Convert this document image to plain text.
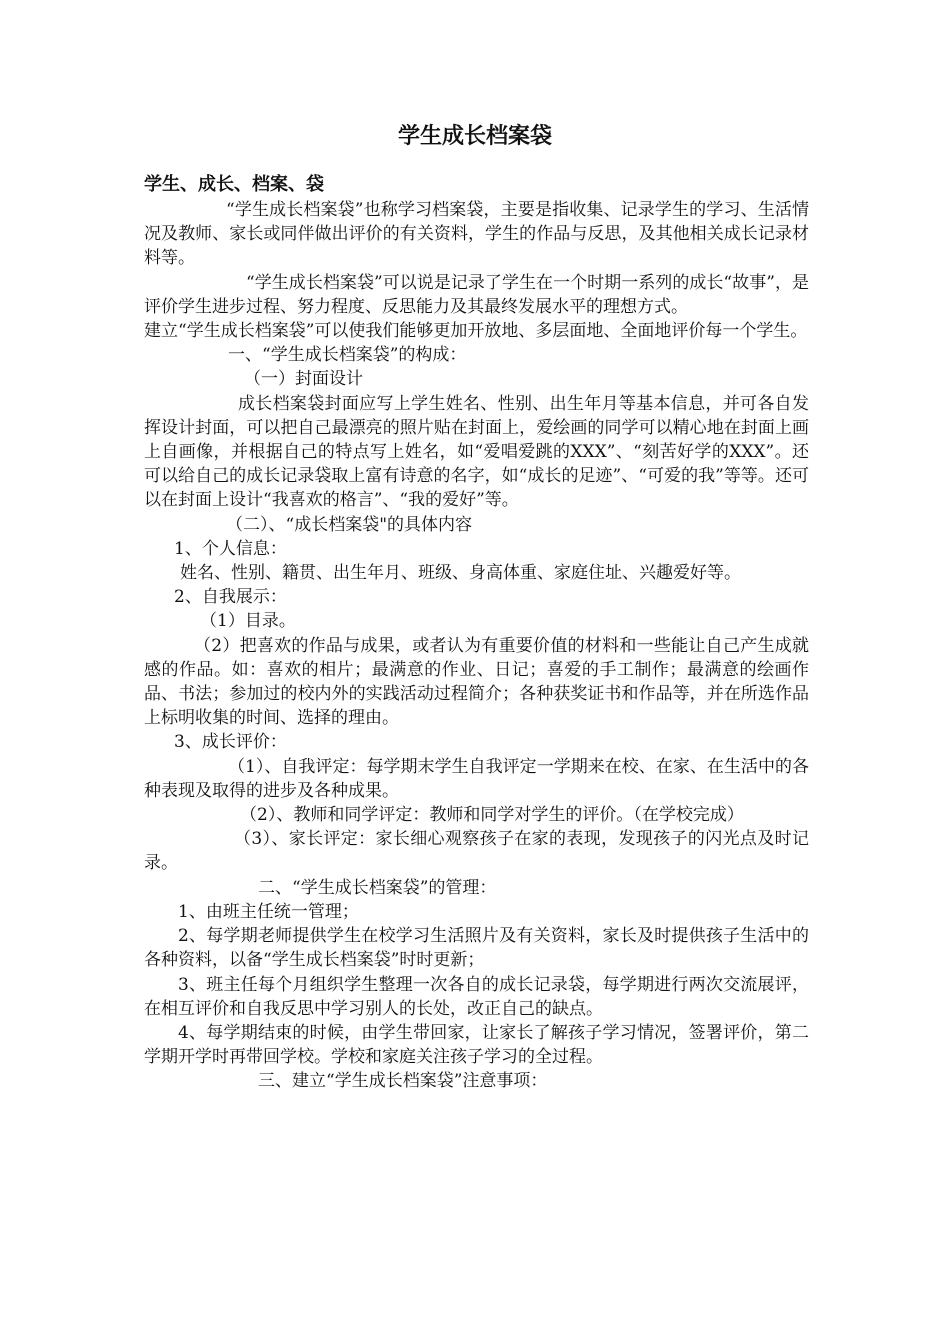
学生成长档案袋

学生、成长、档案、袋

“学生成长档案袋”也称学习档案袋，主要是指收集、记录学生的学习、生活情况及教师、家长或同伴做出评价的有关资料，学生的作品与反思，及其他相关成长记录材料等。

“学生成长档案袋”可以说是记录了学生在一个时期一系列的成长“故事”，是评价学生进步过程、努力程度、反思能力及其最终发展水平的理想方式。

建立“学生成长档案袋”可以使我们能够更加开放地、多层面地、全面地评价每一个学生。

一、“学生成长档案袋”的构成：

（一）封面设计

成长档案袋封面应写上学生姓名、性别、出生年月等基本信息，并可各自发挥设计封面，可以把自己最漂亮的照片贴在封面上，爱绘画的同学可以精心地在封面上画上自画像，并根据自己的特点写上姓名，如“爱唱爱跳的XXX”、“刻苦好学的XXX”。还可以给自己的成长记录袋取上富有诗意的名字，如“成长的足迹”、“可爱的我”等等。还可以在封面上设计“我喜欢的格言”、“我的爱好”等。

（二）、“成长档案袋"的具体内容

1、个人信息：

姓名、性别、籍贯、出生年月、班级、身高体重、家庭住址、兴趣爱好等。

2、自我展示：

（1）目录。

（2）把喜欢的作品与成果，或者认为有重要价值的材料和一些能让自己产生成就感的作品。如：喜欢的相片；最满意的作业、日记；喜爱的手工制作；最满意的绘画作品、书法；参加过的校内外的实践活动过程简介；各种获奖证书和作品等，并在所选作品上标明收集的时间、选择的理由。

3、成长评价：

（1）、自我评定：每学期末学生自我评定一学期来在校、在家、在生活中的各种表现及取得的进步及各种成果。

（2）、教师和同学评定：教师和同学对学生的评价。（在学校完成）

（3）、家长评定：家长细心观察孩子在家的表现，发现孩子的闪光点及时记录。

二、“学生成长档案袋”的管理：

1、由班主任统一管理；

2、每学期老师提供学生在校学习生活照片及有关资料，家长及时提供孩子生活中的各种资料，以备“学生成长档案袋”时时更新；

3、班主任每个月组织学生整理一次各自的成长记录袋，每学期进行两次交流展评，在相互评价和自我反思中学习别人的长处，改正自己的缺点。

4、每学期结束的时候，由学生带回家，让家长了解孩子学习情况，签署评价，第二学期开学时再带回学校。学校和家庭关注孩子学习的全过程。

三、建立“学生成长档案袋”注意事项：
